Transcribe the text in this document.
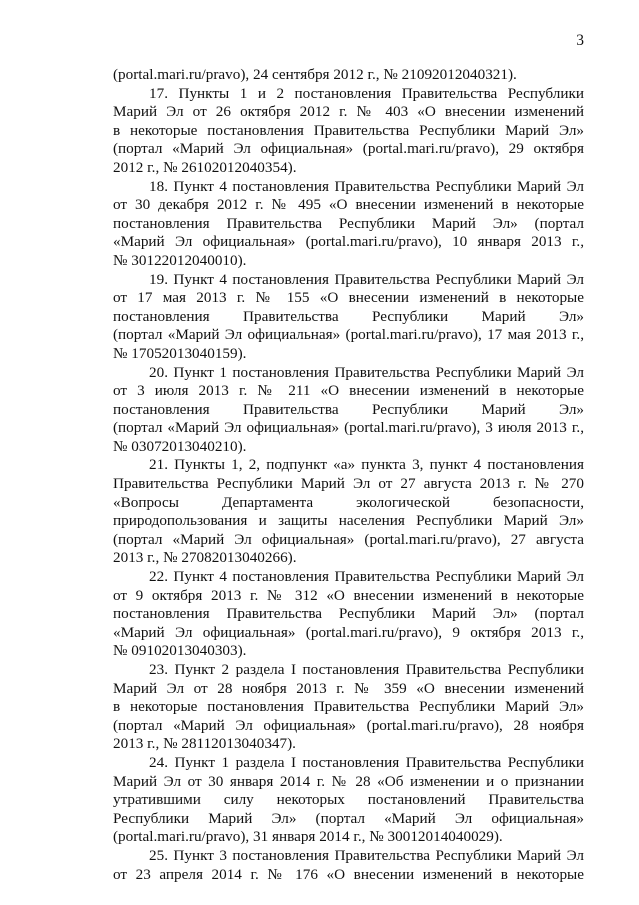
3

(portal.mari.ru/pravo), 24 сентября 2012 г., № 21092012040321).

17. Пункты 1 и 2 постановления Правительства Республики
Марий Эл от 26 октября 2012 г. № 403 «О внесении изменений
в некоторые постановления Правительства Республики Марий Эл»
(портал «Марий Эл официальная» (portal.mari.ru/pravo), 29 октября
2012 г., № 26102012040354).

18. Пункт 4 постановления Правительства Республики Марий Эл
от 30 декабря 2012 г. № 495 «О внесении изменений в некоторые
постановления Правительства Республики Марий Эл» (портал
«Марий Эл официальная» (portal.mari.ru/pravo), 10 января 2013 г.,
№ 30122012040010).

19. Пункт 4 постановления Правительства Республики Марий Эл
от 17 мая 2013 г. № 155 «О внесении изменений в некоторые
постановления Правительства Республики Марий Эл»
(портал «Марий Эл официальная» (portal.mari.ru/pravo), 17 мая 2013 г.,
№ 17052013040159).

20. Пункт 1 постановления Правительства Республики Марий Эл
от 3 июля 2013 г. № 211 «О внесении изменений в некоторые
постановления Правительства Республики Марий Эл»
(портал «Марий Эл официальная» (portal.mari.ru/pravo), 3 июля 2013 г.,
№ 03072013040210).

21. Пункты 1, 2, подпункт «а» пункта 3, пункт 4 постановления
Правительства Республики Марий Эл от 27 августа 2013 г. № 270
«Вопросы Департамента экологической безопасности,
природопользования и защиты населения Республики Марий Эл»
(портал «Марий Эл официальная» (portal.mari.ru/pravo), 27 августа
2013 г., № 27082013040266).

22. Пункт 4 постановления Правительства Республики Марий Эл
от 9 октября 2013 г. № 312 «О внесении изменений в некоторые
постановления Правительства Республики Марий Эл» (портал
«Марий Эл официальная» (portal.mari.ru/pravo), 9 октября 2013 г.,
№ 09102013040303).

23. Пункт 2 раздела I постановления Правительства Республики
Марий Эл от 28 ноября 2013 г. № 359 «О внесении изменений
в некоторые постановления Правительства Республики Марий Эл»
(портал «Марий Эл официальная» (portal.mari.ru/pravo), 28 ноября
2013 г., № 28112013040347).

24. Пункт 1 раздела I постановления Правительства Республики
Марий Эл от 30 января 2014 г. № 28 «Об изменении и о признании
утратившими силу некоторых постановлений Правительства
Республики Марий Эл» (портал «Марий Эл официальная»
(portal.mari.ru/pravo), 31 января 2014 г., № 30012014040029).

25. Пункт 3 постановления Правительства Республики Марий Эл
от 23 апреля 2014 г. № 176 «О внесении изменений в некоторые
